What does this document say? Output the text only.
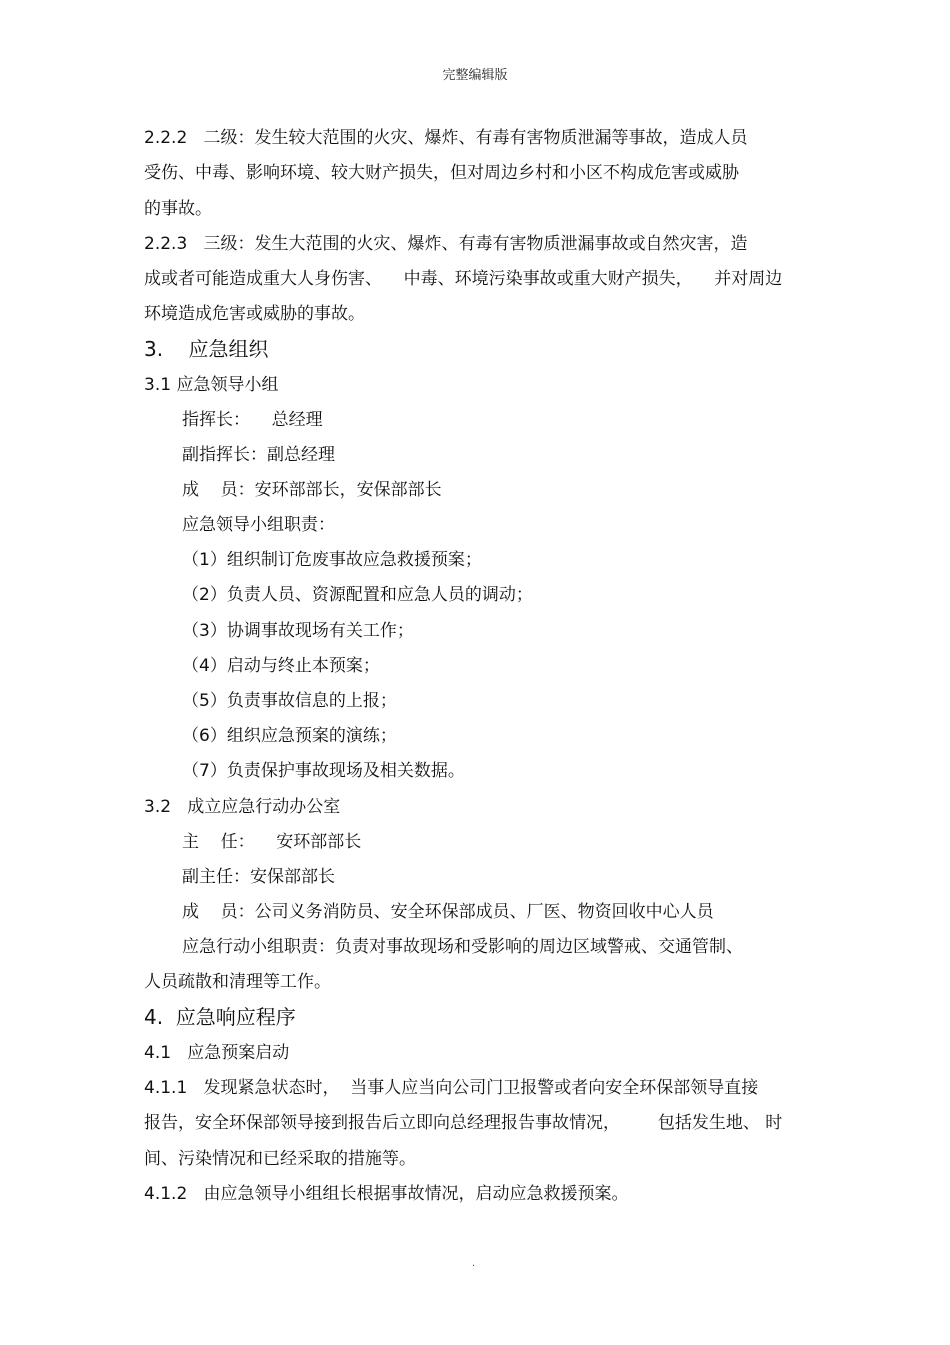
完整编辑版
2.2.2   二级：发生较大范围的火灾、爆炸、有毒有害物质泄漏等事故，造成人员
受伤、中毒、影响环境、较大财产损失，但对周边乡村和小区不构成危害或威胁
的事故。
2.2.3   三级：发生大范围的火灾、爆炸、有毒有害物质泄漏事故或自然灾害，造
成或者可能造成重大人身伤害、    中毒、环境污染事故或重大财产损失，    并对周边
环境造成危害或威胁的事故。
3.    应急组织
3.1 应急领导小组
指挥长：    总经理
副指挥长：副总经理
成    员：安环部部长，安保部部长
应急领导小组职责：
（1）组织制订危废事故应急救援预案；
（2）负责人员、资源配置和应急人员的调动；
（3）协调事故现场有关工作；
（4）启动与终止本预案；
（5）负责事故信息的上报；
（6）组织应急预案的演练；
（7）负责保护事故现场及相关数据。
3.2   成立应急行动办公室
主    任：    安环部部长
副主任：安保部部长
成    员：公司义务消防员、安全环保部成员、厂医、物资回收中心人员
应急行动小组职责：负责对事故现场和受影响的周边区域警戒、交通管制、
人员疏散和清理等工作。
4.  应急响应程序
4.1   应急预案启动
4.1.1   发现紧急状态时，  当事人应当向公司门卫报警或者向安全环保部领导直接
报告，安全环保部领导接到报告后立即向总经理报告事故情况，       包括发生地、 时
间、污染情况和已经采取的措施等。
4.1.2   由应急领导小组组长根据事故情况，启动应急救援预案。
.
